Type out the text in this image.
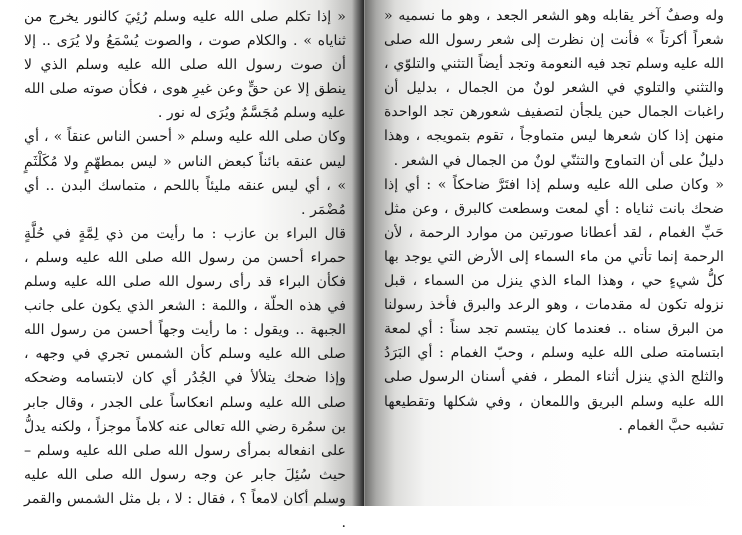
« إذا تكلم صلى الله عليه وسلم رُئِيَ كالنور يخرج من ثناياه » . والكلام صوت ، والصوت يُسْمَعُ ولا يُرَى .. إلا أن صوت رسول الله صلى الله عليه وسلم الذي لا ينطق إلا عن حقٍّ وعن غيرِ هوى ، فكأن صوته صلى الله عليه وسلم مُجَسَّمٌ ويُرَى له نور .

وكان صلى الله عليه وسلم « أحسن الناس عنقاً » ، أي ليس عنقه بائناً كبعض الناس « ليس بمطهّمٍ ولا مُكَلْثَمٍ » ، أي ليس عنقه مليئاً باللحم ، متماسك البدن .. أي مُضْمَر .

قال البراء بن عازب : ما رأيت من ذي لِمَّةٍ في حُلَّةٍ حمراء أحسن من رسول الله صلى الله عليه وسلم ، فكأن البراء قد رأى رسول الله صلى الله عليه وسلم في هذه الحلّة ، واللمة : الشعر الذي يكون على جانب الجبهة .. ويقول : ما رأيت وجهاً أحسن من رسول الله صلى الله عليه وسلم كأن الشمس تجري في وجهه ، وإذا ضحك يتلألأ في الجُدُر أي كان لابتسامه وضحكه صلى الله عليه وسلم انعكاساً على الجدر ، وقال جابر بن سمُرة رضي الله تعالى عنه كلاماً موجزاً ، ولكنه يدلُّ على انفعاله بمرأى رسول الله صلى الله عليه وسلم – حيث سُئِلَ جابر عن وجه رسول الله صلى الله عليه وسلم أكان لامعاً ؟ ، فقال : لا ، بل مثل الشمس والقمر .

وله وصفٌ آخر يقابله وهو الشعر الجعد ، وهو ما نسميه « شعراً أكرتاً » فأنت إن نظرت إلى شعر رسول الله صلى الله عليه وسلم تجد فيه النعومة وتجد أيضاً التثني والتلوّي ، والتثني والتلوي في الشعر لونٌ من الجمال ، بدليل أن راغبات الجمال حين يلجأن لتصفيف شعورهن تجد الواحدة منهن إذا كان شعرها ليس متماوجاً ، تقوم بتمويجه ، وهذا دليلٌ على أن التماوج والتثنّي لونٌ من الجمال في الشعر .

« وكان صلى الله عليه وسلم إذا افتَرَّ ضاحكاً » : أي إذا ضحك بانت ثناياه : أي لمعت وسطعت كالبرق ، وعن مثل حَبِّ الغمام ، لقد أعطانا صورتين من موارد الرحمة ، لأن الرحمة إنما تأتي من ماء السماء إلى الأرض التي يوجد بها كلُّ شيءٍ حي ، وهذا الماء الذي ينزل من السماء ، قبل نزوله تكون له مقدمات ، وهو الرعد والبرق فأخذ رسولنا من البرق سناه .. فعندما كان يبتسم تجد سناً : أي لمعة ابتسامته صلى الله عليه وسلم ، وحبّ الغمام : أي البَرَدُ والثلج الذي ينزل أثناء المطر ، ففي أسنان الرسول صلى الله عليه وسلم البريق واللمعان ، وفي شكلها وتقطيعها تشبه حبَّ الغمام .
